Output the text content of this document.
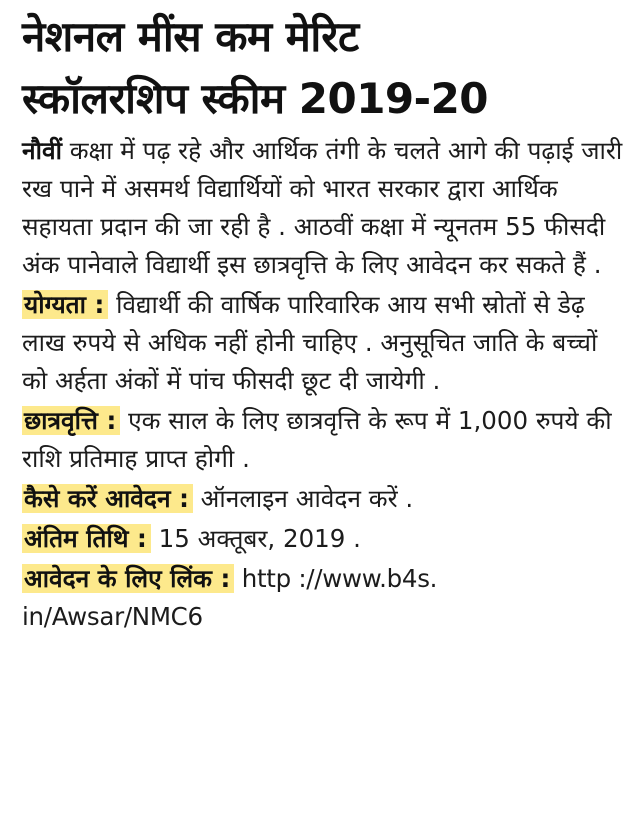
नेशनल मींस कम मेरिट
स्कॉलरशिप स्कीम 2019-20

नौवीं कक्षा में पढ़ रहे और आर्थिक तंगी के चलते आगे की पढ़ाई जारी रख पाने में असमर्थ विद्यार्थियों को भारत सरकार द्वारा आर्थिक सहायता प्रदान की जा रही है . आठवीं कक्षा में न्यूनतम 55 फीसदी अंक पानेवाले विद्यार्थी इस छात्रवृत्ति के लिए आवेदन कर सकते हैं .

योग्यता : विद्यार्थी की वार्षिक पारिवारिक आय सभी स्रोतों से डेढ़ लाख रुपये से अधिक नहीं होनी चाहिए . अनुसूचित जाति के बच्चों को अर्हता अंकों में पांच फीसदी छूट दी जायेगी .

छात्रवृत्ति : एक साल के लिए छात्रवृत्ति के रूप में 1,000 रुपये की राशि प्रतिमाह प्राप्त होगी .

कैसे करें आवेदन : ऑनलाइन आवेदन करें .

अंतिम तिथि : 15 अक्तूबर, 2019 .

आवेदन के लिए लिंक : http ://www.b4s. in/Awsar/NMC6
